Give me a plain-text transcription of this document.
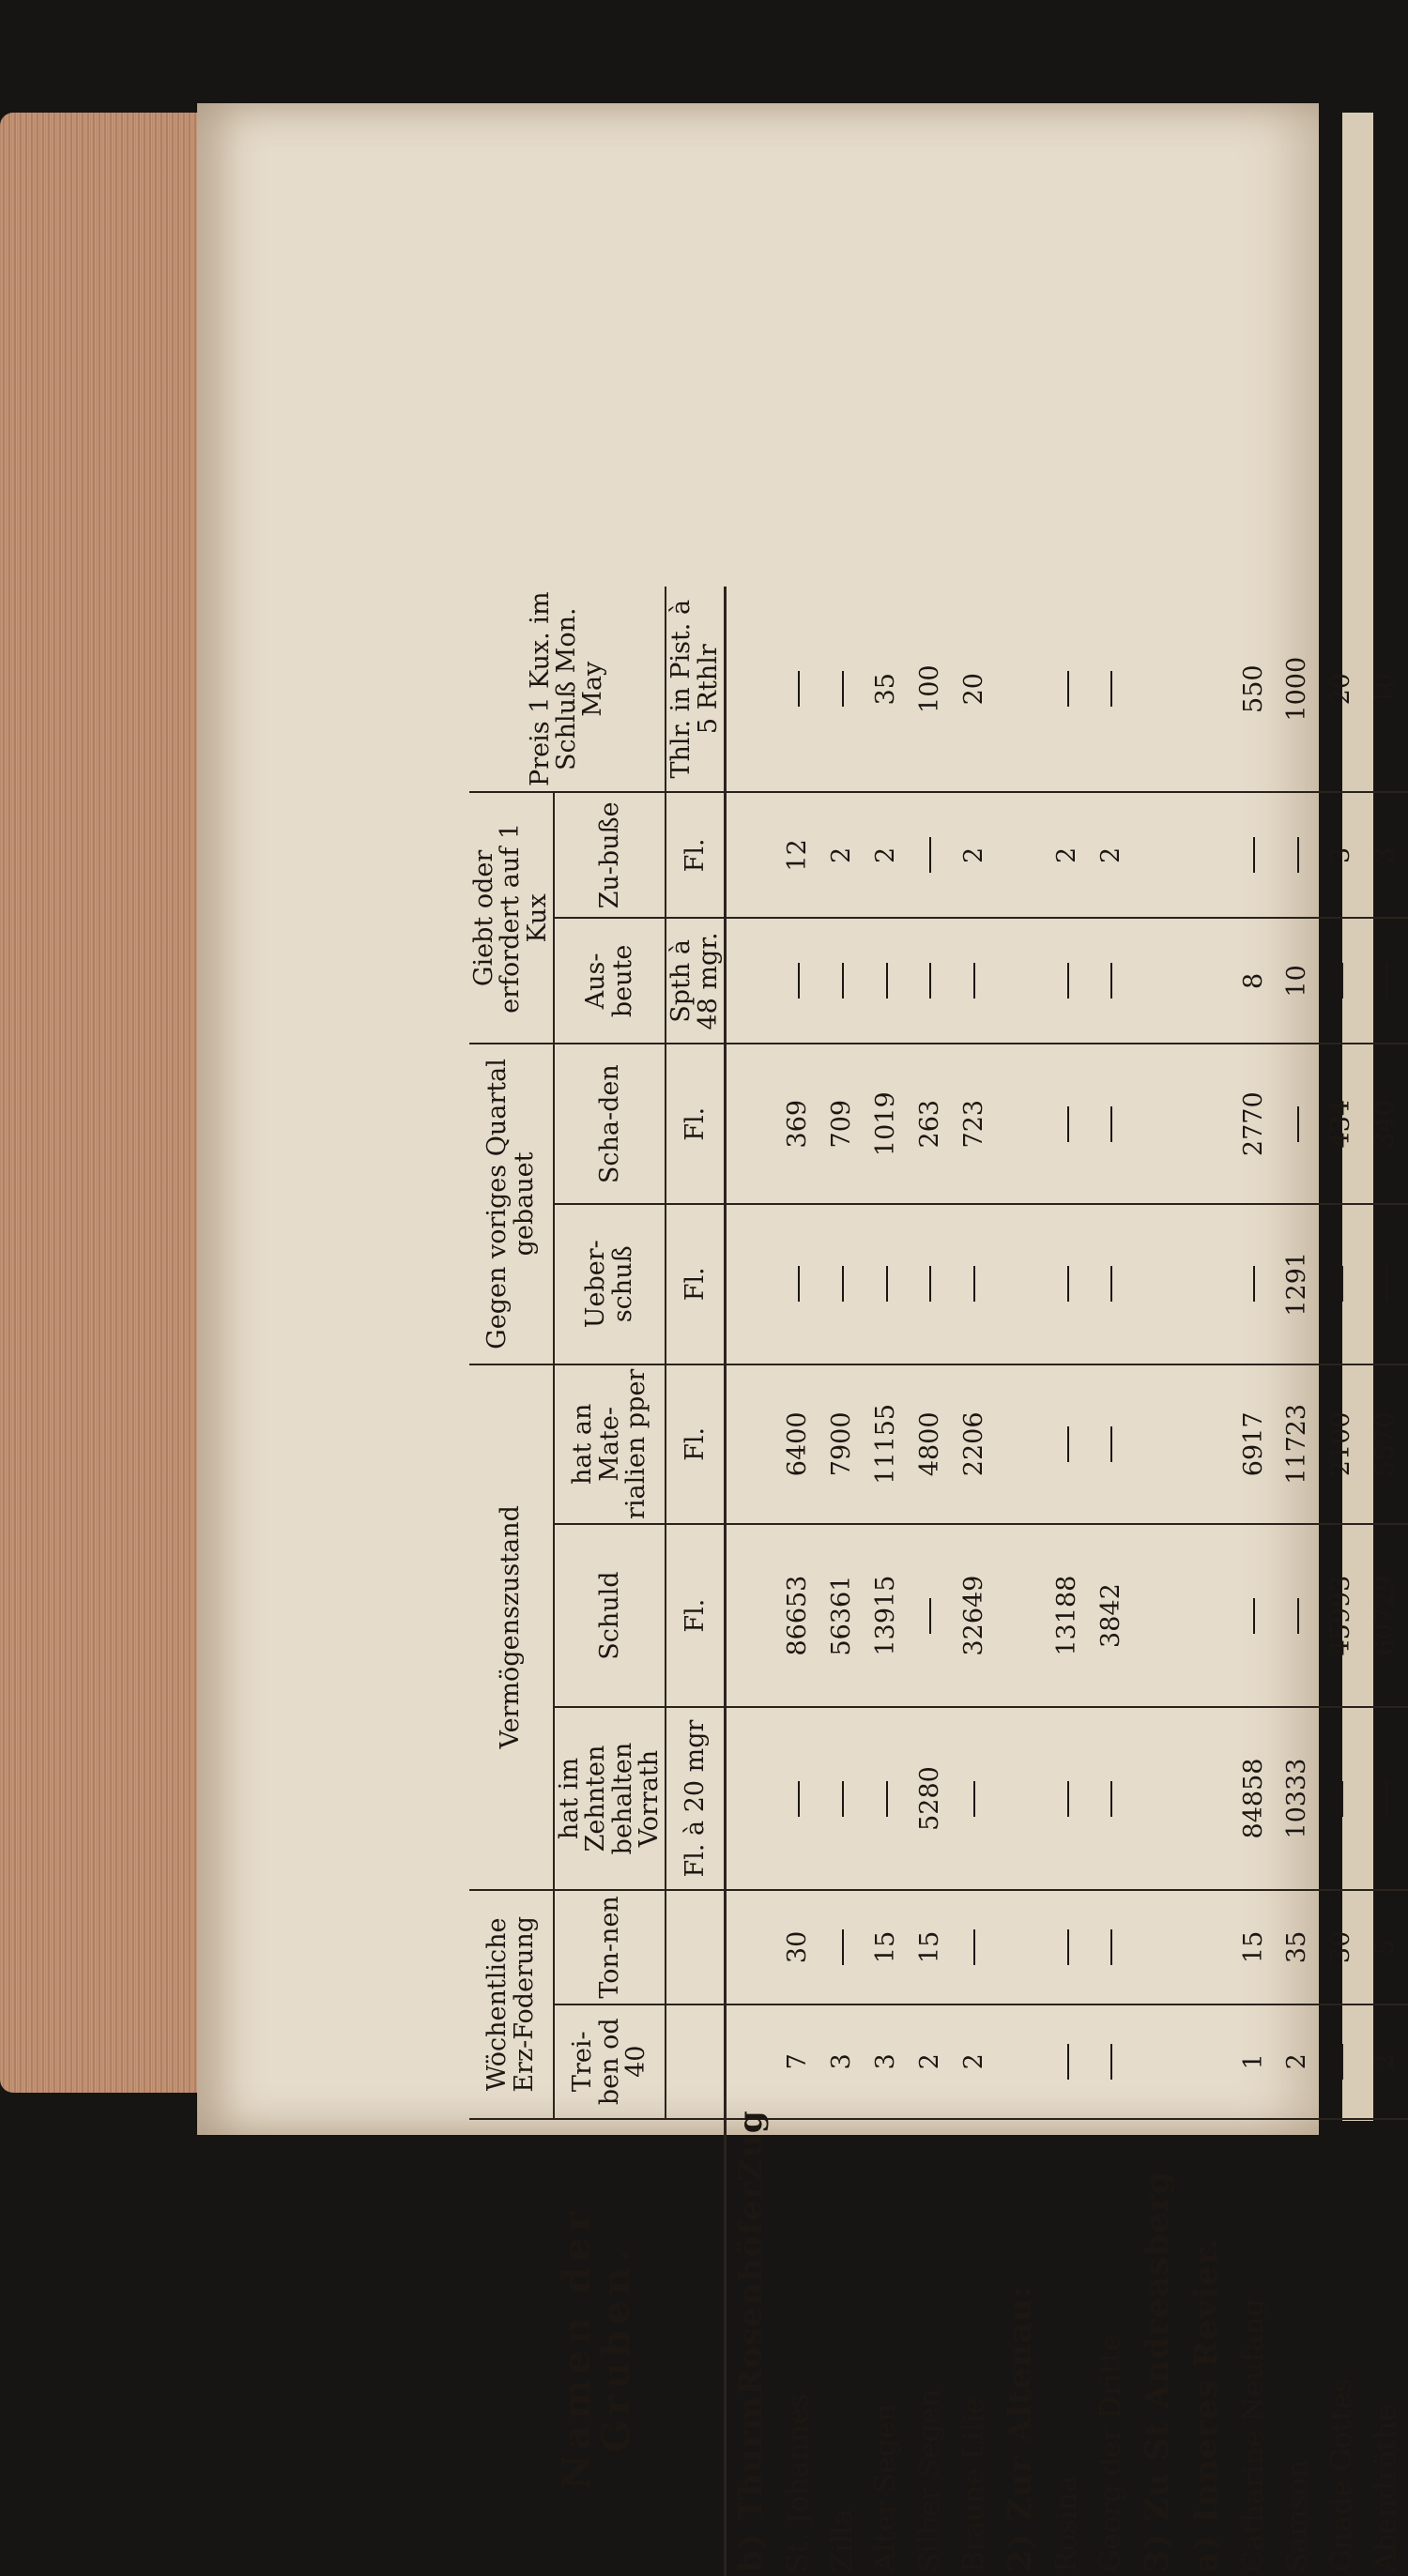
Namen der Gruben.	Wöchentliche Erz-Foderung		Vermögenszustand			Gegen voriges Quartal gebauet		Giebt oder erfordert auf 1 Kux		Preis 1 Kux. im Schluß Mon. May
	Trei-ben od 40	Ton-nen	hat im Zehnten behalten Vorrath	Schuld	hat an Mate-rialien pper	Ueber-schuß	Scha-den	Aus-beute	Zu-buße	
			Fl. à 20 mgr	Fl.	Fl.	Fl.	Fl.	Spth à 48 mgr.	Fl.	Thlr. in Pist. à 5 Rthlr
b) ThurmRosenhöferZug										
St. Johannes	7	30		86653	6400		369		12	
Zilla	3			56361	7900		709		2	
Alter Segen	3	15		13915	11155		1019		2	35
Silber Segen	2	15	5280		4800		263			100
Braune Lilie	2			32649	2206		723		2	20
2) Zur Altenau:										
Rosina				13188					2	
Georg der Dritte				3842					2	
3) Zu St Andreasberg										
a) Inneres Revier.										
Catharine Neufang	1	15	84858		6917		2770	8		550
Samson	2	35	10333		11723	1291		10		1000
Gnade Gottes		30		45993	2100		434		3	20
Abendröthe	2	5		60729	5570		340		3	10
